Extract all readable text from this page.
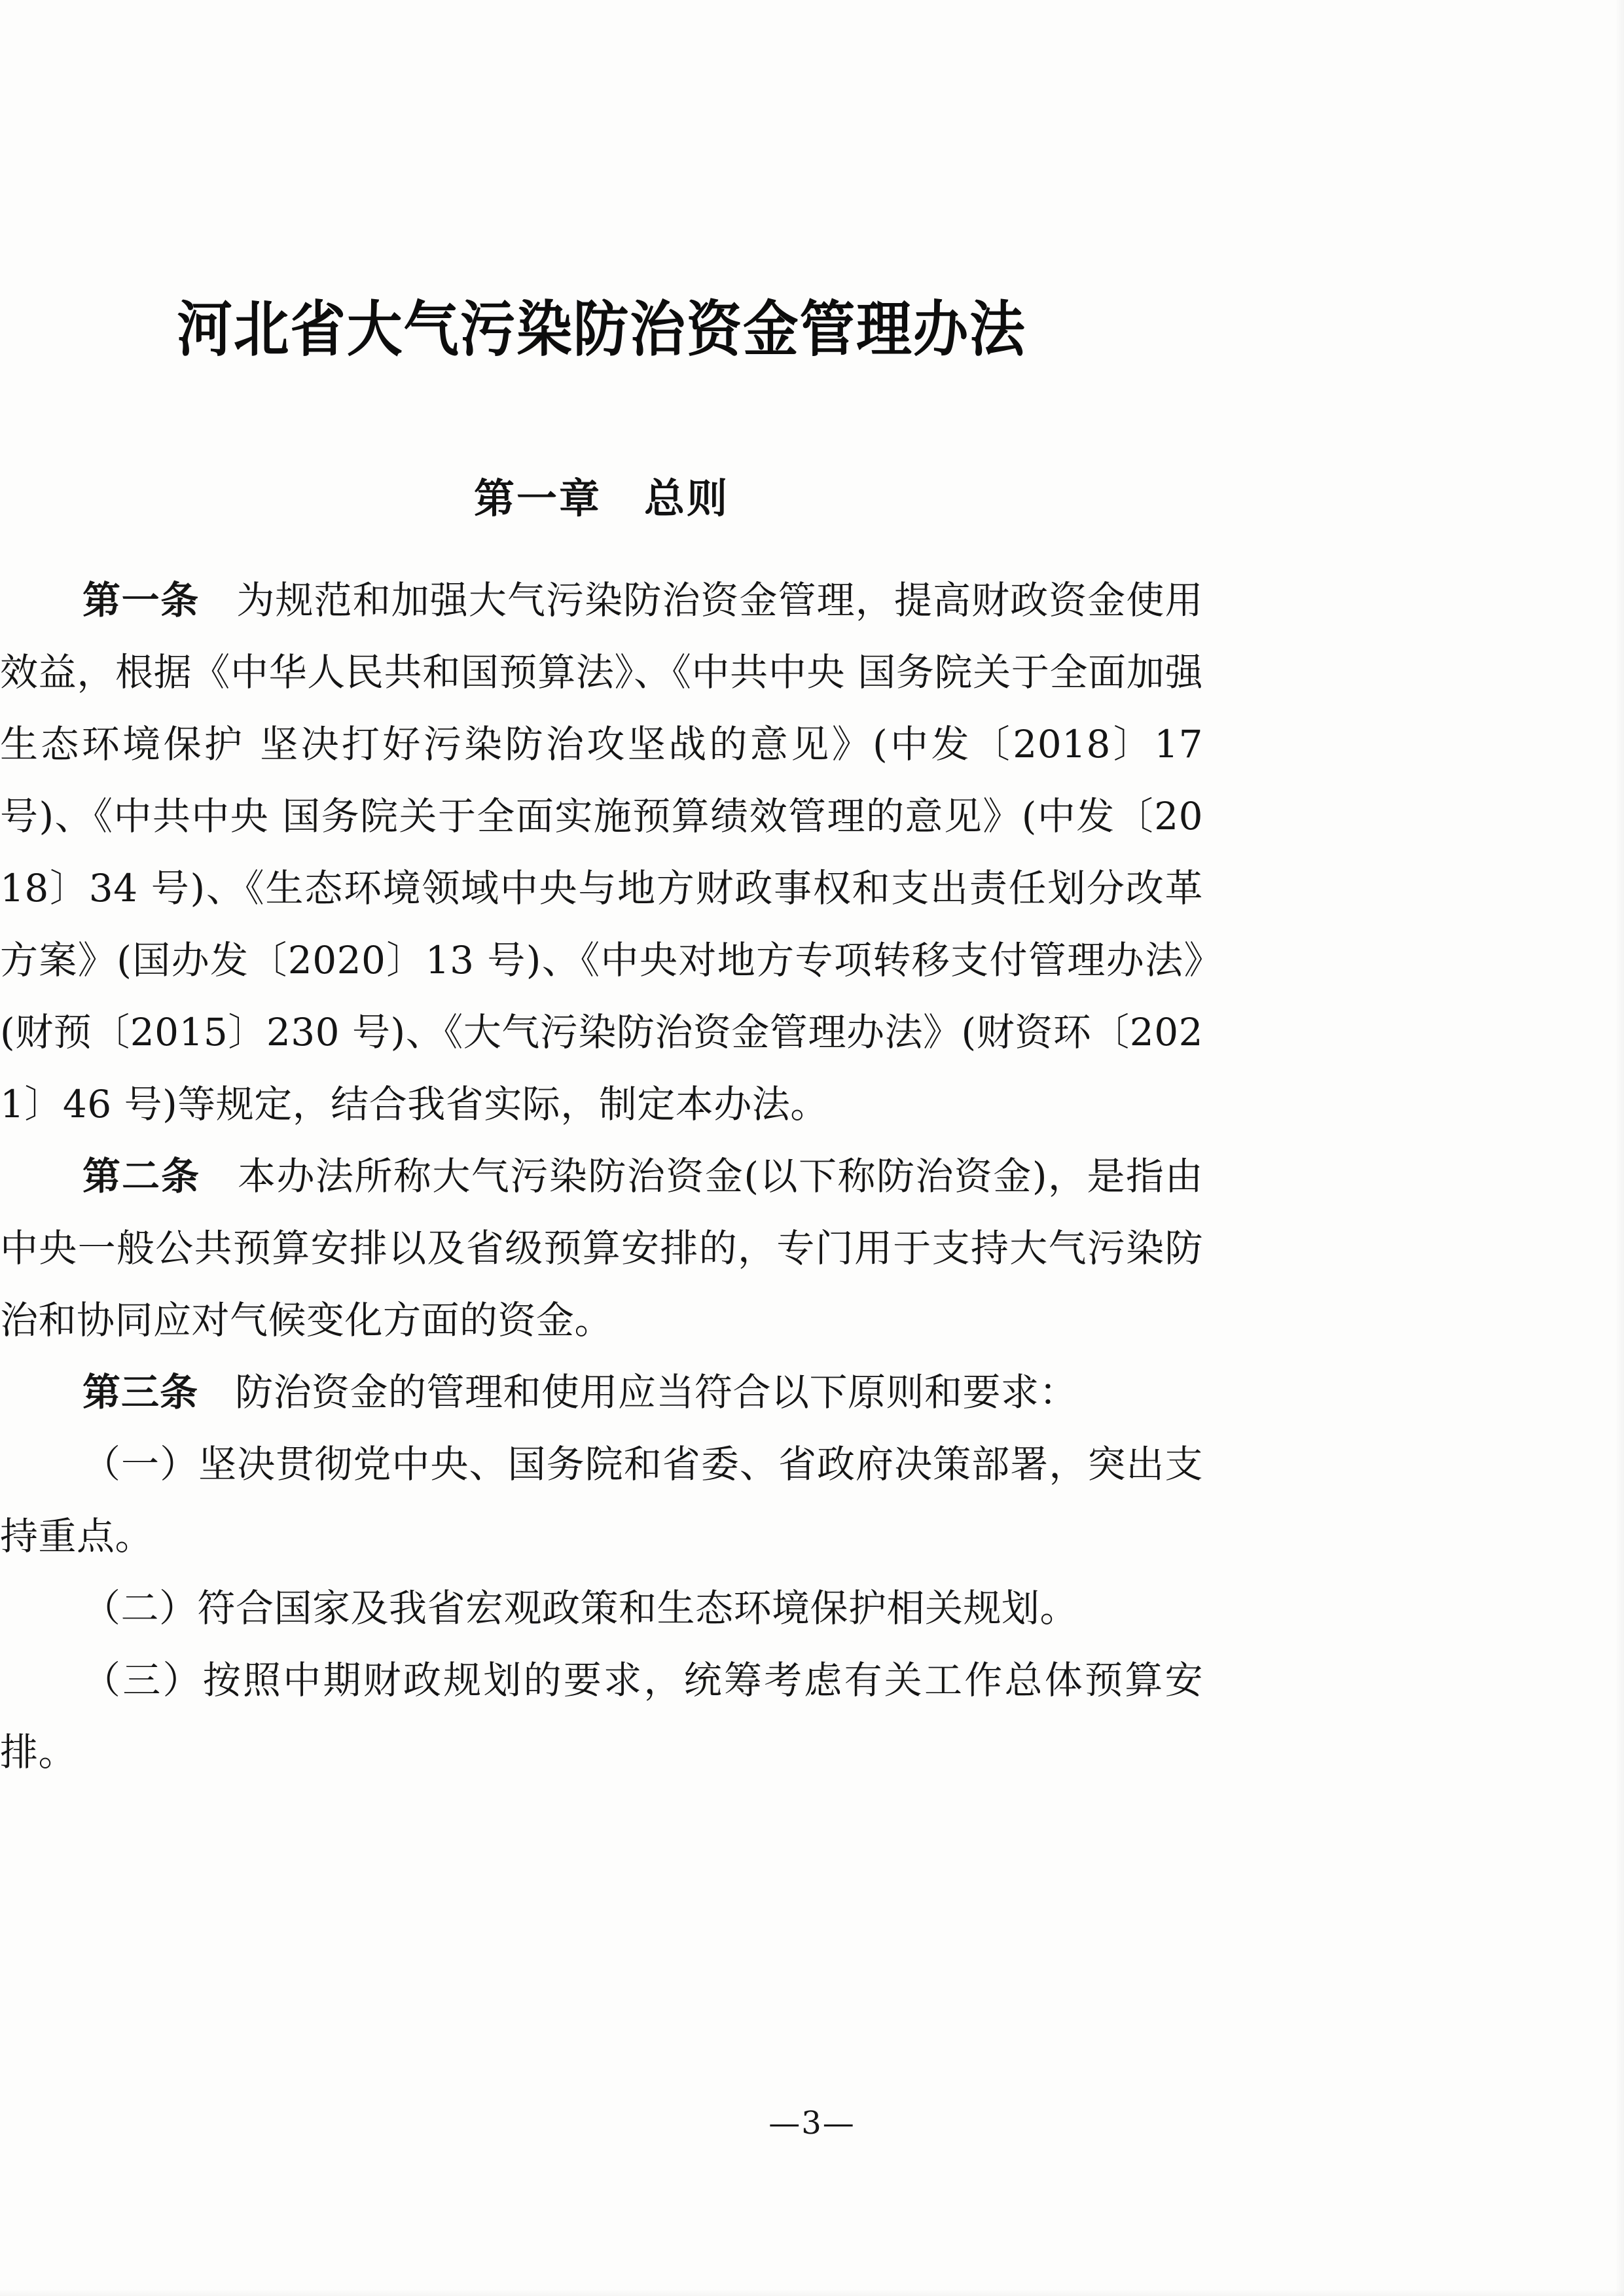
河北省大气污染防治资金管理办法
第一章　总则

第一条 为规范和加强大气污染防治资金管理，提高财政资金使用效益，根据《中华人民共和国预算法》、《中共中央 国务院关于全面加强生态环境保护 坚决打好污染防治攻坚战的意见》(中发〔2018〕17 号)、《中共中央 国务院关于全面实施预算绩效管理的意见》(中发〔2018〕34 号)、《生态环境领域中央与地方财政事权和支出责任划分改革方案》(国办发〔2020〕13 号)、《中央对地方专项转移支付管理办法》(财预〔2015〕230 号)、《大气污染防治资金管理办法》(财资环〔2021〕46 号)等规定，结合我省实际，制定本办法。

第二条 本办法所称大气污染防治资金(以下称防治资金)，是指由中央一般公共预算安排以及省级预算安排的，专门用于支持大气污染防治和协同应对气候变化方面的资金。

第三条 防治资金的管理和使用应当符合以下原则和要求：

（一）坚决贯彻党中央、国务院和省委、省政府决策部署，突出支持重点。

（二）符合国家及我省宏观政策和生态环境保护相关规划。

（三）按照中期财政规划的要求，统筹考虑有关工作总体预算安排。

—3—
